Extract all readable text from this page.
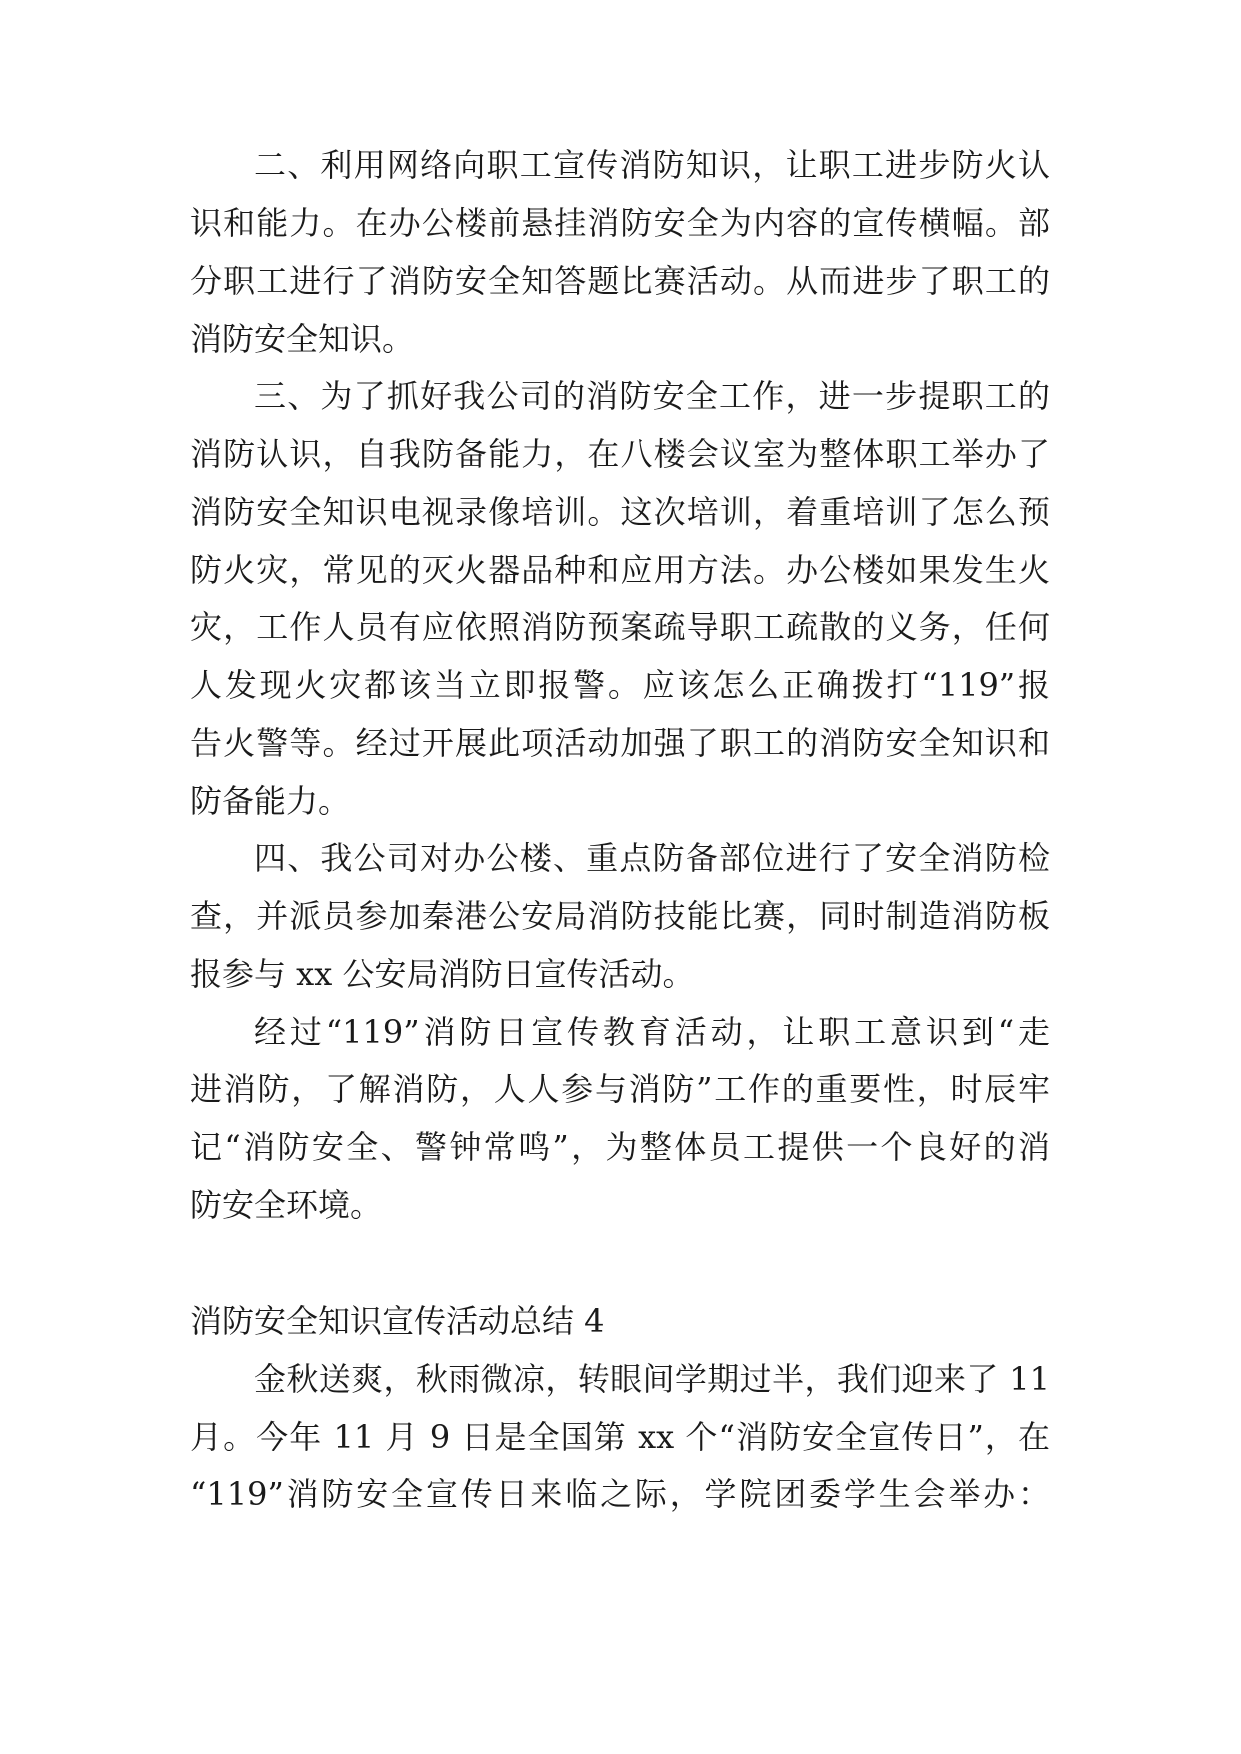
二、利用网络向职工宣传消防知识，让职工进步防火认
识和能力。在办公楼前悬挂消防安全为内容的宣传横幅。部
分职工进行了消防安全知答题比赛活动。从而进步了职工的
消防安全知识。
三、为了抓好我公司的消防安全工作，进一步提职工的
消防认识，自我防备能力，在八楼会议室为整体职工举办了
消防安全知识电视录像培训。这次培训，着重培训了怎么预
防火灾，常见的灭火器品种和应用方法。办公楼如果发生火
灾，工作人员有应依照消防预案疏导职工疏散的义务，任何
人发现火灾都该当立即报警。应该怎么正确拨打“119”报
告火警等。经过开展此项活动加强了职工的消防安全知识和
防备能力。
四、我公司对办公楼、重点防备部位进行了安全消防检
查，并派员参加秦港公安局消防技能比赛，同时制造消防板
报参与 xx 公安局消防日宣传活动。
经过“119”消防日宣传教育活动，让职工意识到“走
进消防，了解消防，人人参与消防”工作的重要性，时辰牢
记“消防安全、警钟常鸣”，为整体员工提供一个良好的消
防安全环境。
消防安全知识宣传活动总结 4
金秋送爽，秋雨微凉，转眼间学期过半，我们迎来了 11
月。今年 11 月 9 日是全国第 xx 个“消防安全宣传日”，在
“119”消防安全宣传日来临之际，学院团委学生会举办：
